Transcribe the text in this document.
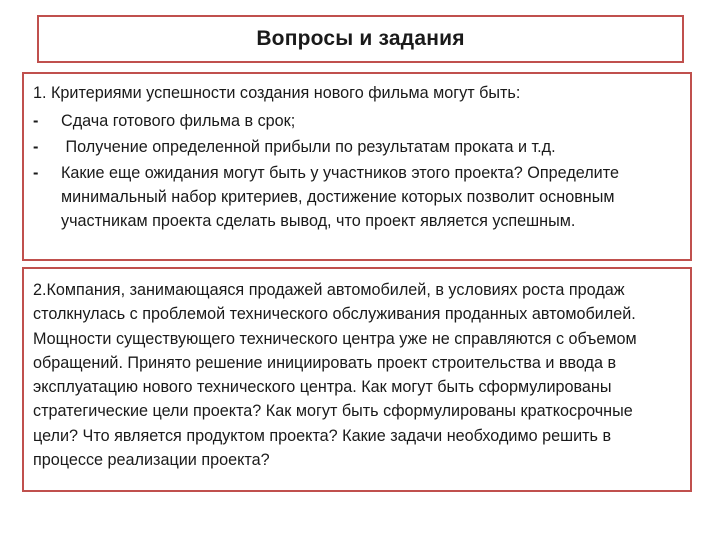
Вопросы и задания
1. Критериями успешности создания нового фильма могут быть:
-	Сдача готового фильма в срок;
-	Получение определенной прибыли по результатам проката и т.д.
-	Какие еще ожидания могут быть у участников этого проекта? Определите минимальный набор критериев, достижение которых позволит основным участникам проекта сделать вывод, что проект является успешным.
2.Компания, занимающаяся продажей автомобилей, в условиях роста продаж столкнулась с проблемой технического обслуживания проданных автомобилей. Мощности существующего технического центра уже не справляются с объемом обращений. Принято решение инициировать проект строительства и ввода в эксплуатацию нового технического центра. Как могут быть сформулированы стратегические цели проекта? Как могут быть сформулированы краткосрочные цели? Что является продуктом проекта? Какие задачи необходимо решить в процессе реализации проекта?
